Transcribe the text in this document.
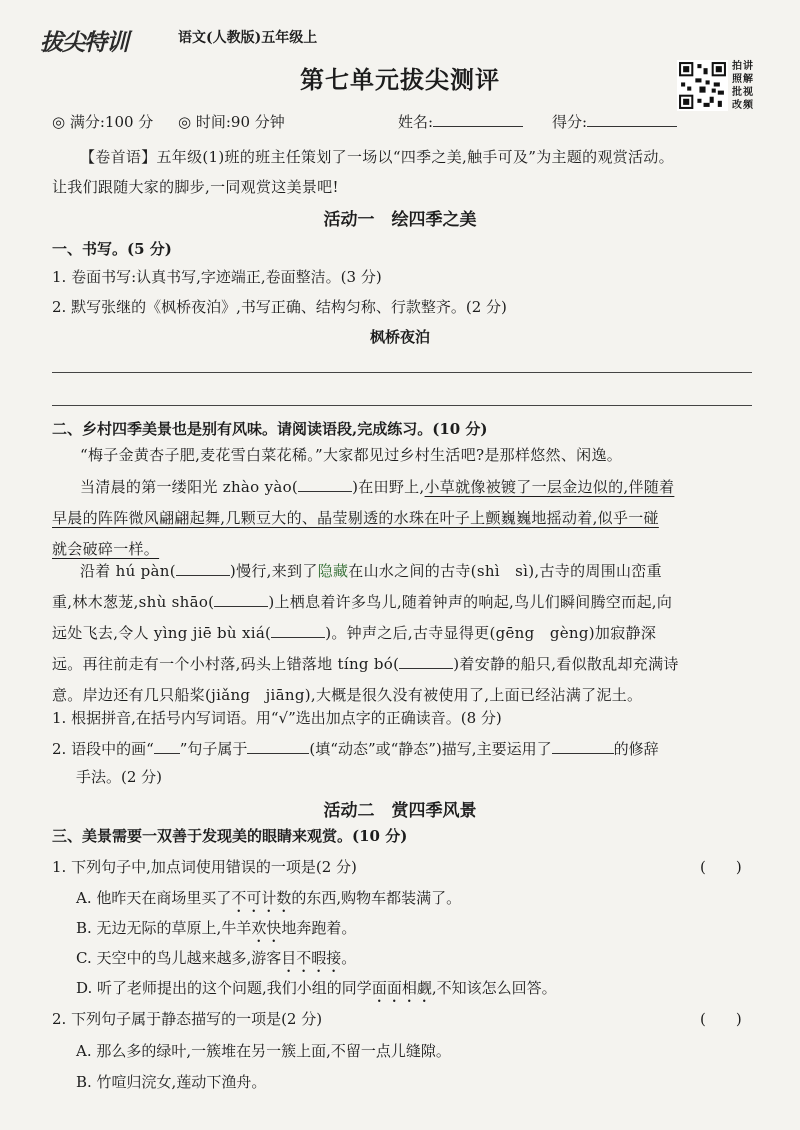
拔尖特训	语文(人教版)五年级上
第七单元拔尖测评	拍
照
批
改
讲
解
视
频
◎ 满分:100 分 ◎ 时间:90 分钟	姓名:	得分:
【卷首语】五年级(1)班的班主任策划了一场以“四季之美,触手可及”为主题的观赏活动。
让我们跟随大家的脚步,一同观赏这美景吧!
活动一　绘四季之美
一、书写。(5 分)
1. 卷面书写:认真书写,字迹端正,卷面整洁。(3 分)
2. 默写张继的《枫桥夜泊》,书写正确、结构匀称、行款整齐。(2 分)
枫桥夜泊
二、乡村四季美景也是别有风味。请阅读语段,完成练习。(10 分)
“梅子金黄杏子肥,麦花雪白菜花稀。”大家都见过乡村生活吧?是那样悠然、闲逸。
当清晨的第一缕阳光 zhào yào(	)在田野上,小草就像被镀了一层金边似的,伴随着
早晨的阵阵微风翩翩起舞,几颗豆大的、晶莹剔透的水珠在叶子上颤巍巍地摇动着,似乎一碰
就会破碎一样。
沿着 hú pàn(	)慢行,来到了隐藏在山水之间的古寺(shì　sì),古寺的周围山峦重
重,林木葱茏,shù shāo(	)上栖息着许多鸟儿,随着钟声的响起,鸟儿们瞬间腾空而起,向
远处飞去,令人 yìng jiē bù xiá(	)。钟声之后,古寺显得更(gēng　gèng)加寂静深
远。再往前走有一个小村落,码头上错落地 tíng bó(	)着安静的船只,看似散乱却充满诗
意。岸边还有几只船桨(jiǎng　jiāng),大概是很久没有被使用了,上面已经沾满了泥土。
1. 根据拼音,在括号内写词语。用“√”选出加点字的正确读音。(8 分)
2. 语段中的画“ ”句子属于	(填“动态”或“静态”)描写,主要运用了	的修辞
手法。(2 分)
活动二　赏四季风景
三、美景需要一双善于发现美的眼睛来观赏。(10 分)
1. 下列句子中,加点词使用错误的一项是(2 分)	(　　)
A. 他昨天在商场里买了不可计数的东西,购物车都装满了。
B. 无边无际的草原上,牛羊欢快地奔跑着。
C. 天空中的鸟儿越来越多,游客目不暇接。
D. 听了老师提出的这个问题,我们小组的同学面面相觑,不知该怎么回答。
2. 下列句子属于静态描写的一项是(2 分)	(　　)
A. 那么多的绿叶,一簇堆在另一簇上面,不留一点儿缝隙。
B. 竹喧归浣女,莲动下渔舟。
